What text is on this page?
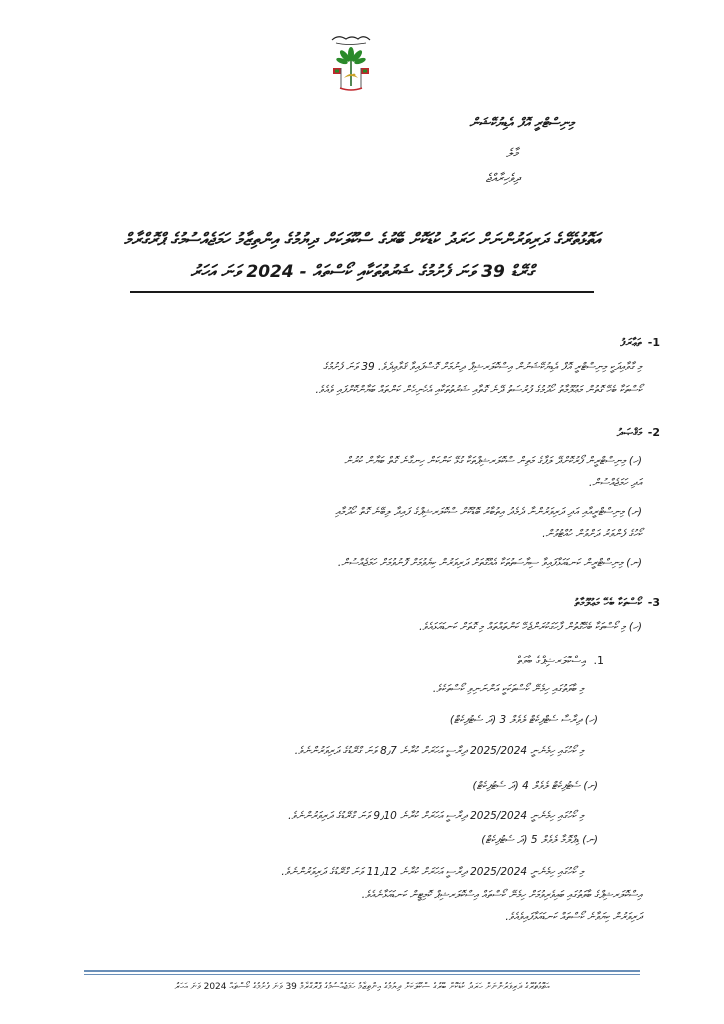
މިނިސްޓްރީ އޮފް އެޑިޔުކޭޝަން
މާލެ
ދިވެހިރާއްޖެ
އަތޮޅުތެރޭގެ ދަރިވަރުންނަށް ހަރަދު ކުޑަކޮށް ބޭރުގެ ސްކޫލަކަށް ދިޔުމުގެ އިންތިޒާމު ހަމަޖެއްސުމުގެ ޕްރޮގްރާމް
ގްރޭޑް 39 ވަނަ ފެށުމުގެ ޝަރުތުތަކާއި ކޯސްތައް - 2024 ވަނަ އަހަރު
-1
ތަޢާރަފު
މި ގާވާއިދަކީ މިނިސްޓްރީ އޮފް އެޑިޔުކޭޝަނުން އިސްކޮލަރޝިޕް ދިނުމަށް ގޮސްފައިވާ ޤަވާޢިދެވެ. 39 ވަނަ ފެށުމުގެ
ކޯސްތަކާ ބެހޭ ގޮތުން މަޢުލޫމާތު ހޯދުމުގެ ފުރުސަތު ދޭނެ ގޮތާއި ޝަރުތުތަކާއި އެހެނިހެން ކަންތައް ބަޔާންކޮށްފައި ވެއެވެ.
-2
މަޤްޞަދު
(ހ) މިނިސްޓްރީން ފޯރުކޮށްދޭ ލަފާގެ މަތިން ސްކޮލަރޝިޕްތަކާ ގުޅޭ ކަންކަން ހިނގާނެ ގޮތް ބަޔާން ކުރުން
އަދި ހަމަޖެއްސުން.
(ށ) މިނިސްޓްރީއާއި އަދި ދަރިވަރުންނާ ދެމެދު އިތުބާރު ބޮޑުކޮށް ސްކޮލަރޝިޕްގެ ފައިދާ ލިބޭނެ ގޮތް ހޯދުމާއި
ކޯހުގެ ފެންވަރު ދަށްވުން ހުއްޓުވުން.
(ނ) މިނިސްޓްރީން ކަނޑައަޅާފައިވާ ސިޔާސަތުތަކާ އެއްގޮތަށް ދަރިވަރުން ކިޔެވުމަށް ފޮނުވުމަށް ހަމަޖެއްސުން.
-3
ކޯސްތަކާ ބެހޭ މަޢުލޫމާތު
(ހ) މި ކޯސްތަކާ ބެހޭގޮތުން ފާހަގަކުރަންޖެހޭ ކަންތައްތައް މި ގޮތަށް ކަނޑައަޅައެވެ.
.1
އިސްކޮލަރޝިޕްގެ ބާވަތް
މި ބާވަތުގައި ހިމެނޭ ކޯސްތަކަކީ އަންނަނިވި ކޯސްތަކެވެ.
(ހ) ދިރާސާ ސެޓްފިކެޓް ލެވެލް 3 (ދަ ސެޓުފިކެޓް)
މި ކޯހުގައި ހިމެނެނީ 2025/2024 ދިރާސީ އަހަރަށް ކުރާނެ 8٫7 ވަނަ ގްރޭޑުގެ ދަރިވަރުންނެވެ.
(ށ) ސެޓުފިކެޓް ލެވެލް 4 (ދަ ސެޓުފިކެޓް)
މި ކޯހުގައި ހިމެނެނީ 2025/2024 ދިރާސީ އަހަރަށް ކުރާނެ 9٫10 ވަނަ ގްރޭޑުގެ ދަރިވަރުންނެވެ.
(ނ) ޑިޕްލޮމާ ލެވެލް 5 (ދަ ސެޓުފިކެޓް)
މި ކޯހުގައި ހިމެނެނީ 2025/2024 ދިރާސީ އަހަރަށް ކުރާނެ 11٫12 ވަނަ ގްރޭޑުގެ ދަރިވަރުންނެވެ.
އިސްކޮލަރޝިޕްގެ ބާވަތުގައި ބައިވެރިވުމަށް ހިމެނޭ ކޯސްތައް އިސްކޮލަރޝިޕް ކޮމިޓީން ކަނޑައަޅާނެއެވެ.
ދަރިވަރުން ކިޔަވާނެ ކޯސްތައް ކަނޑައަޅާފައިވެއެވެ.
އަތޮޅުތެރޭގެ ދަރިވަރުންނަށް ހަރަދު ކުޑަކޮށް ބޭރުގެ ސްކޫލަކަށް ދިޔުމުގެ އިންތިޒާމު ހަމަޖެއްސުމުގެ ޕްރޮގްރާމް 39 ވަނަ ފެށުމުގެ ކޯސްތައް 2024 ވަނަ އަހަރު
